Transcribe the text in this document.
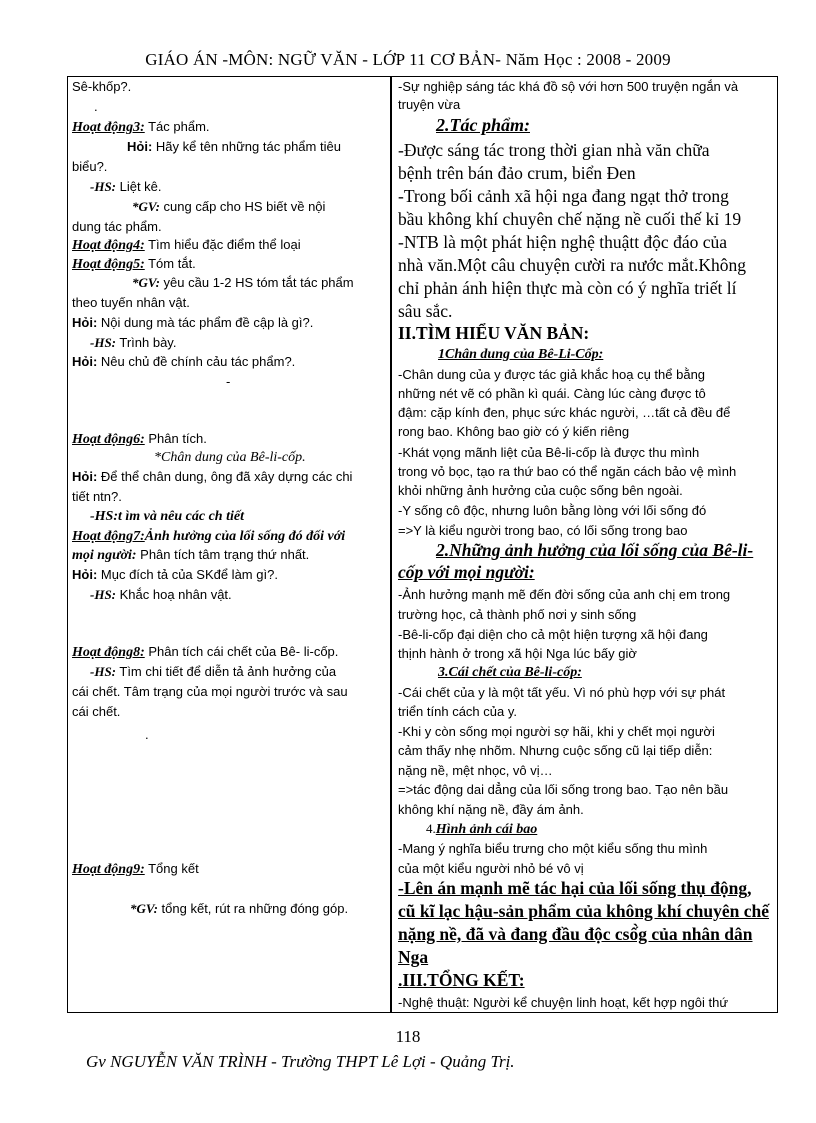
GIÁO ÁN -MÔN: NGỮ VĂN - LỚP 11 CƠ BẢN- Năm Học : 2008 - 2009
Sê-khốp?.
.
Hoạt động3: Tác phẩm.
Hỏi: Hãy kể tên những tác phẩm tiêu
biểu?.
-HS: Liệt kê.
*GV: cung cấp cho HS biết về nội
dung tác phẩm.
Hoạt động4: Tìm hiểu đặc điểm thể loại
Hoạt động5: Tóm tắt.
*GV: yêu cầu 1-2 HS tóm tắt tác phẩm
theo tuyến nhân vật.
Hỏi: Nội dung mà tác phẩm đề cập là gì?.
-HS: Trình bày.
Hỏi: Nêu chủ đề chính cảu tác phẩm?.
-
Hoạt động6: Phân tích.
*Chân dung của Bê-li-cốp.
Hỏi: Để thể chân dung, ông đã xây dựng các chi
tiết ntn?.
-HS:t ìm và nêu các ch tiết
Hoạt động7:Ảnh hưởng của lối sống đó đối với
mọi người: Phân tích tâm trạng thứ nhất.
Hỏi: Mục đích tả của SKđể làm gì?.
-HS: Khắc hoạ nhân vật.
Hoạt động8: Phân tích cái chết của Bê- li-cốp.
-HS: Tìm chi tiết để diễn tả ảnh hưởng của
cái chết. Tâm trạng của mọi người trước và sau
cái chết.
.
Hoạt động9: Tổng kết
*GV: tổng kết, rút ra những đóng góp.
-Sự nghiệp sáng tác khá đồ sộ với hơn 500 truyện ngắn và
truyện vừa
2.Tác phẩm:
-Được sáng tác trong thời gian nhà văn chữa
bệnh trên bán đảo crum, biển Đen
-Trong bối cảnh xã hội nga đang ngạt thở trong
bầu không khí chuyên chế nặng nề cuối thế kỉ 19
-NTB là một phát hiện nghệ thuậtt độc đáo của
nhà văn.Một câu chuyện cười ra nước mắt.Không
chỉ phản ánh hiện thực mà còn có ý nghĩa triết lí
sâu sắc.
II.TÌM HIỂU VĂN BẢN:
1Chân dung của Bê-Li-Cốp:
-Chân dung của y được tác giả khắc hoạ cụ thể bằng
những nét vẽ có phần kì quái. Càng lúc càng được tô
đậm: cặp kính đen, phục sức khác người, …tất cả đều để
rong bao. Không bao giờ có ý kiến riêng
-Khát vọng mãnh liệt của Bê-li-cốp là được thu mình
trong vỏ bọc, tạo ra thứ bao có thể ngăn cách bảo vệ mình
khỏi những ảnh hưởng của cuộc sống bên ngoài.
-Y sống cô độc, nhưng luôn bằng lòng với lối sống đó
=>Y là kiểu người trong bao, có lối sống trong bao
2.Những ảnh hưởng của lối sống của Bê-li-
cốp với mọi người:
-Ảnh hưởng mạnh mẽ đến đời sống của anh chị em trong
trường học, cả thành phố nơi y sinh sống
-Bê-li-cốp đại diện cho cả một hiện tượng xã hội đang
thịnh hành ở trong xã hội Nga lúc bấy giờ
3.Cái chết của Bê-li-cốp:
-Cái chết của y là một tất yếu. Vì nó phù hợp với sự phát
triển tính cách của y.
-Khi y còn sống mọi người sợ hãi, khi y chết mọi người
cảm thấy nhẹ nhõm. Nhưng cuộc sống cũ lại tiếp diễn:
nặng nề, mệt nhọc, vô vị…
=>tác động dai dẳng của lối sống trong bao. Tạo nên bầu
không khí nặng nề, đầy ám ảnh.
4.Hình ảnh cái bao
-Mang ý nghĩa biểu trưng cho một kiểu sống thu mình
của một kiểu người nhỏ bé vô vị
-Lên án mạnh mẽ tác hại của lối sống thụ động,
cũ kĩ lạc hậu-sản phẩm của không khí chuyên chế
nặng nề, đã và đang đầu độc csố̀g của nhân dân
Nga
.III.TỔNG KẾT:
-Nghệ thuật: Người kể chuyện linh hoạt, kết hợp ngôi thứ
118
Gv NGUYỄN VĂN TRÌNH - Trường THPT Lê Lợi - Quảng Trị.
